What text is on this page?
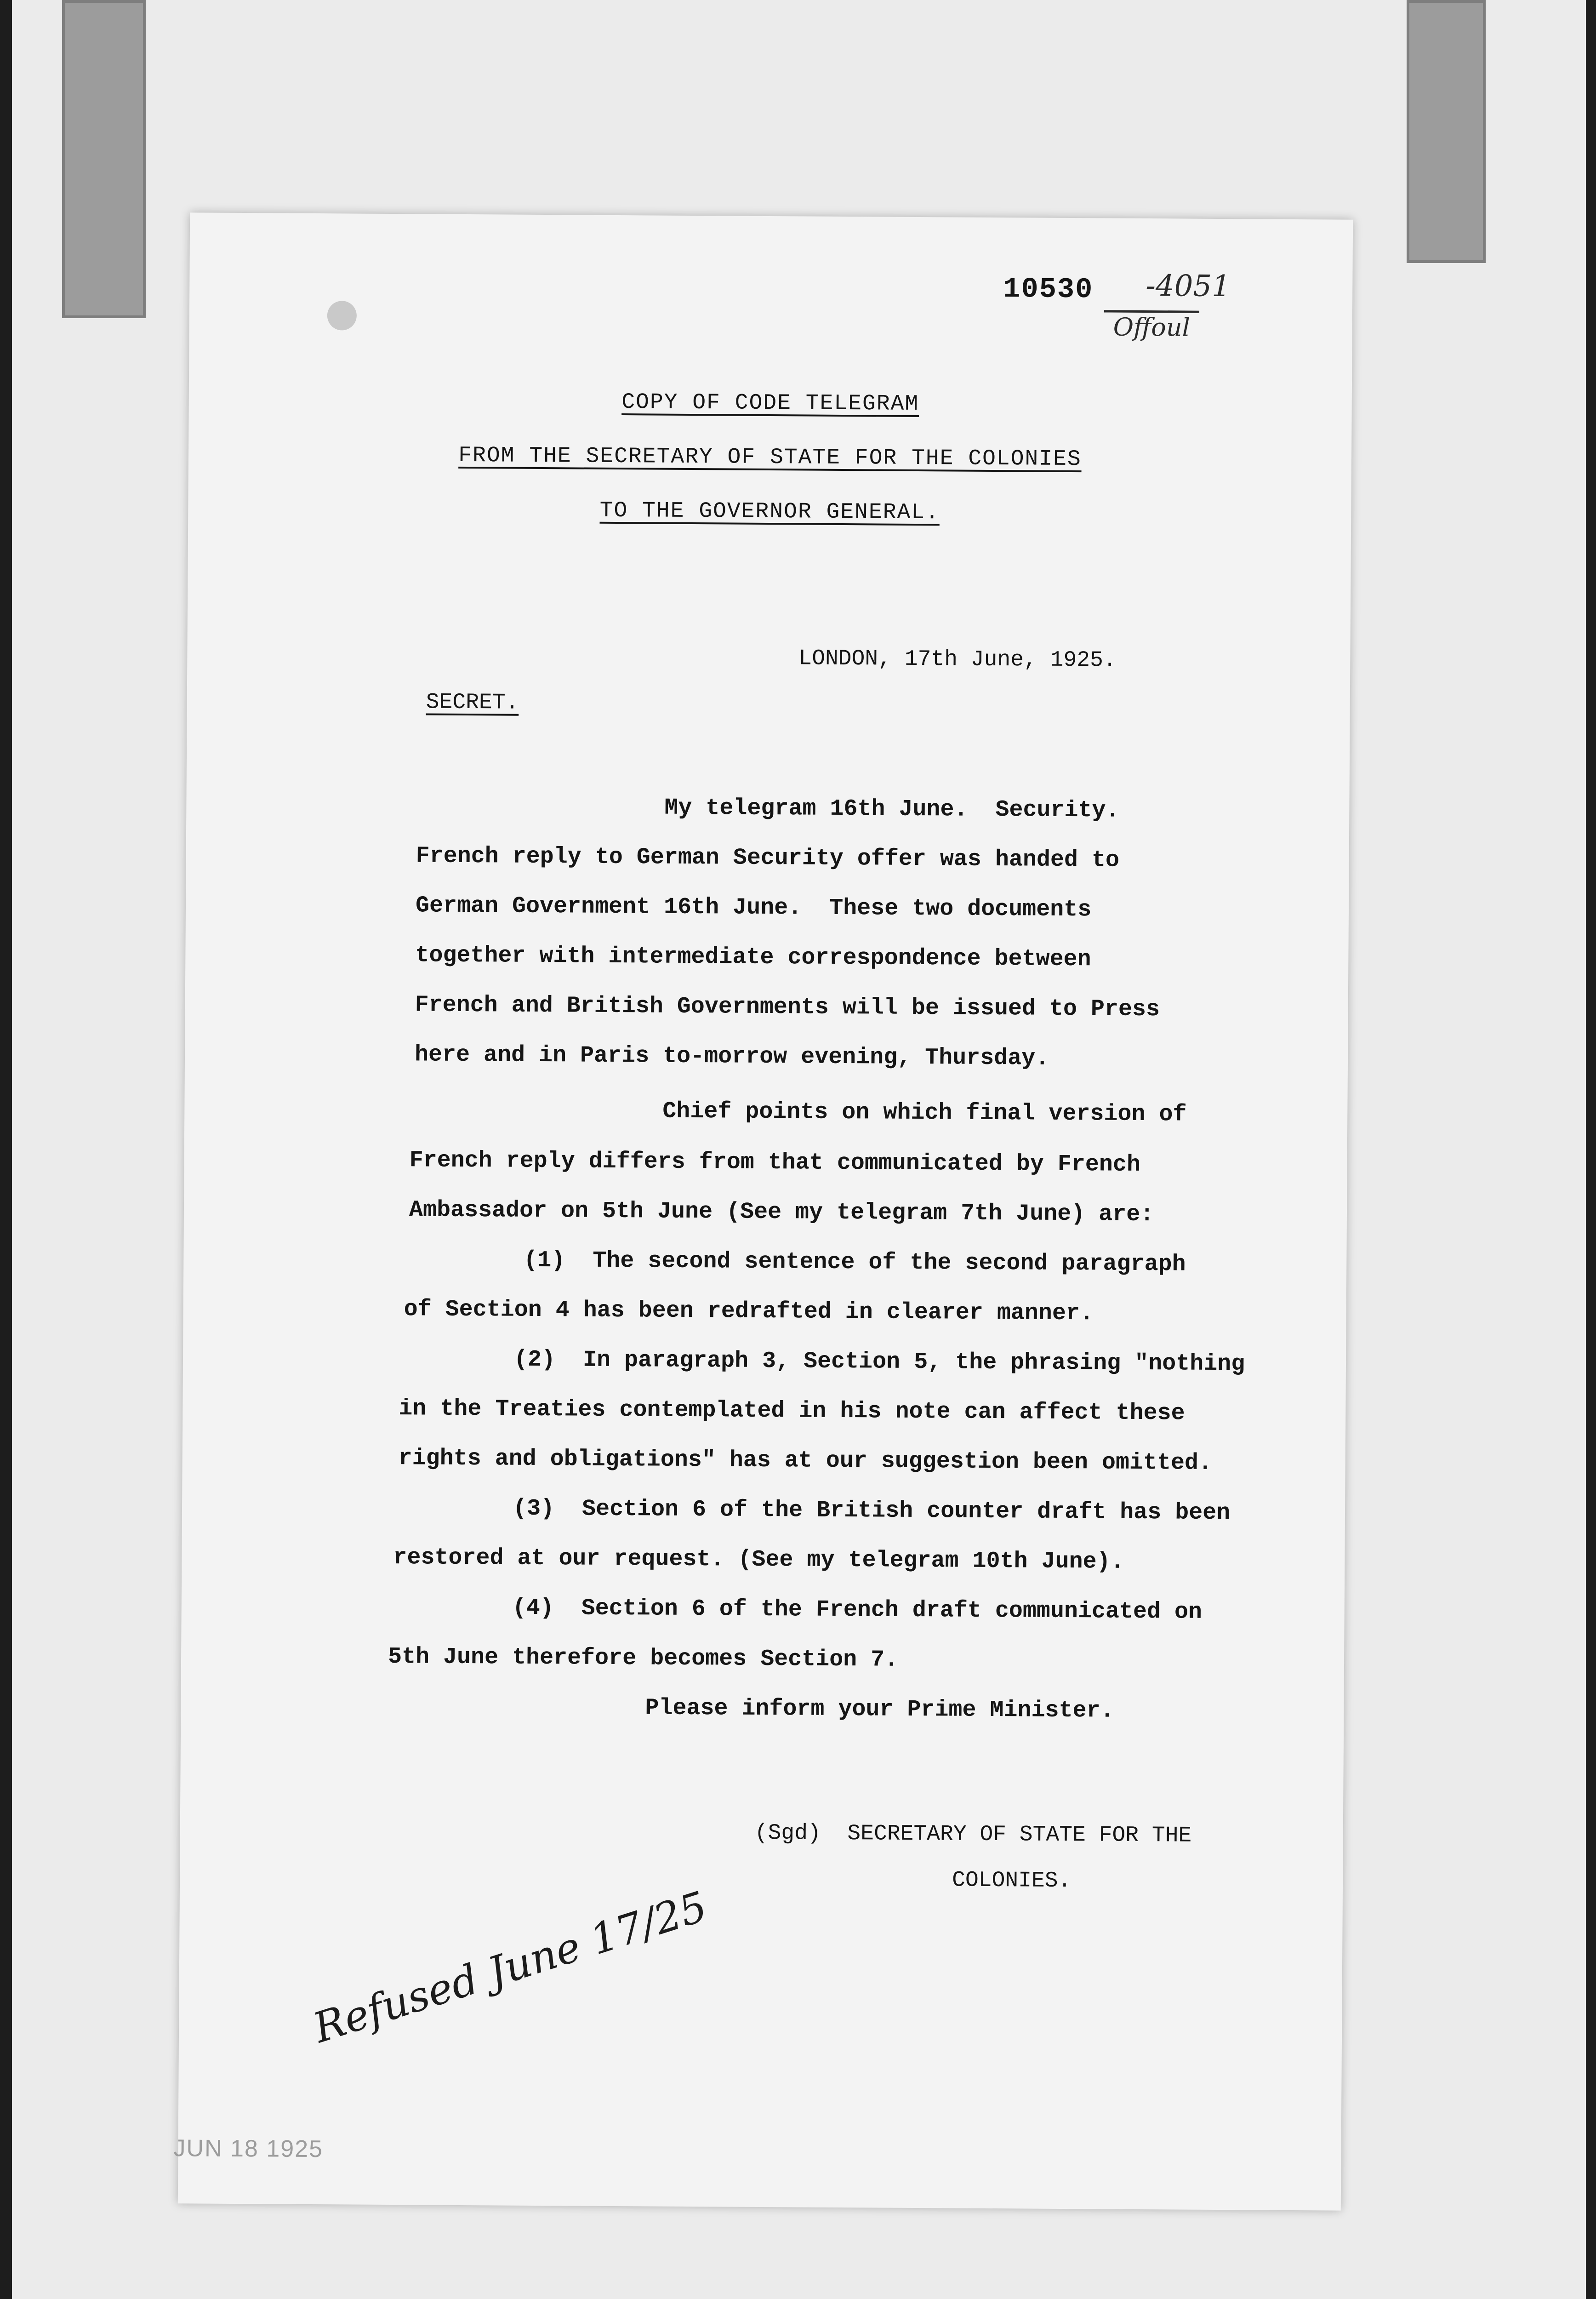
10530 -4051
Offoul
COPY OF CODE TELEGRAM
FROM THE SECRETARY OF STATE FOR THE COLONIES
TO THE GOVERNOR GENERAL.
LONDON, 17th June, 1925.
SECRET.
My telegram 16th June.  Security.
French reply to German Security offer was handed to
German Government 16th June.  These two documents
together with intermediate correspondence between
French and British Governments will be issued to Press
here and in Paris to-morrow evening, Thursday.
Chief points on which final version of
French reply differs from that communicated by French
Ambassador on 5th June (See my telegram 7th June) are:
(1)  The second sentence of the second paragraph
of Section 4 has been redrafted in clearer manner.
(2)  In paragraph 3, Section 5, the phrasing "nothing
in the Treaties contemplated in his note can affect these
rights and obligations" has at our suggestion been omitted.
(3)  Section 6 of the British counter draft has been
restored at our request. (See my telegram 10th June).
(4)  Section 6 of the French draft communicated on
5th June therefore becomes Section 7.
Please inform your Prime Minister.
(Sgd)  SECRETARY OF STATE FOR THE
COLONIES.
Refused June 17/25
JUN 18 1925
